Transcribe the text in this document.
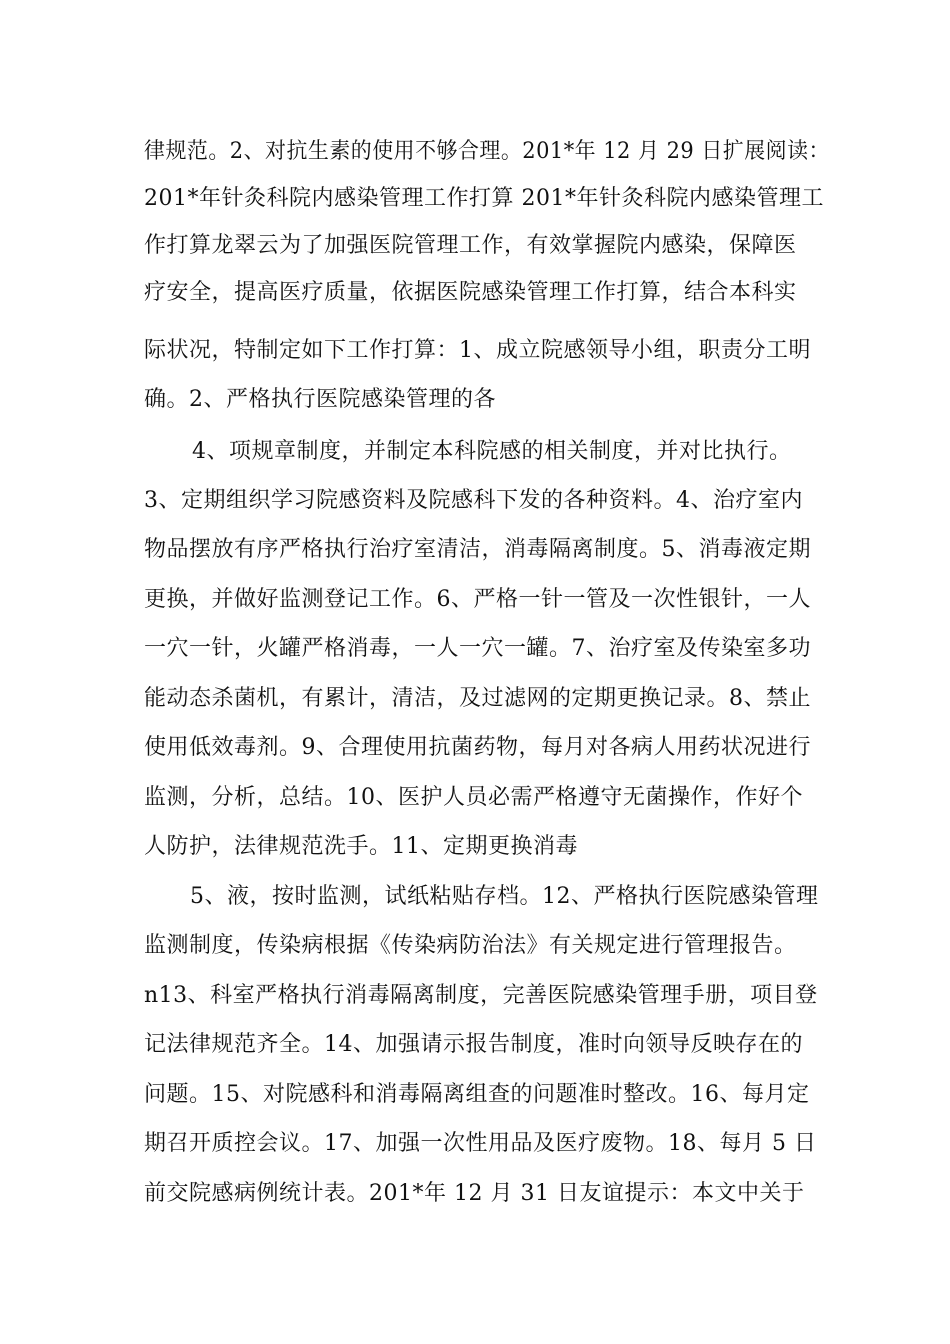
律规范。2、对抗生素的使用不够合理。201*年 12 月 29 日扩展阅读：
201*年针灸科院内感染管理工作打算 201*年针灸科院内感染管理工
作打算龙翠云为了加强医院管理工作，有效掌握院内感染，保障医
疗安全，提高医疗质量，依据医院感染管理工作打算，结合本科实
际状况，特制定如下工作打算：1、成立院感领导小组，职责分工明
确。2、严格执行医院感染管理的各
4、项规章制度，并制定本科院感的相关制度，并对比执行。
3、定期组织学习院感资料及院感科下发的各种资料。4、治疗室内
物品摆放有序严格执行治疗室清洁，消毒隔离制度。5、消毒液定期
更换，并做好监测登记工作。6、严格一针一管及一次性银针，一人
一穴一针，火罐严格消毒，一人一穴一罐。7、治疗室及传染室多功
能动态杀菌机，有累计，清洁，及过滤网的定期更换记录。8、禁止
使用低效毒剂。9、合理使用抗菌药物，每月对各病人用药状况进行
监测，分析，总结。10、医护人员必需严格遵守无菌操作，作好个
人防护，法律规范洗手。11、定期更换消毒
5、液，按时监测，试纸粘贴存档。12、严格执行医院感染管理
监测制度，传染病根据《传染病防治法》有关规定进行管理报告。
n13、科室严格执行消毒隔离制度，完善医院感染管理手册，项目登
记法律规范齐全。14、加强请示报告制度，准时向领导反映存在的
问题。15、对院感科和消毒隔离组查的问题准时整改。16、每月定
期召开质控会议。17、加强一次性用品及医疗废物。18、每月 5 日
前交院感病例统计表。201*年 12 月 31 日友谊提示：本文中关于
